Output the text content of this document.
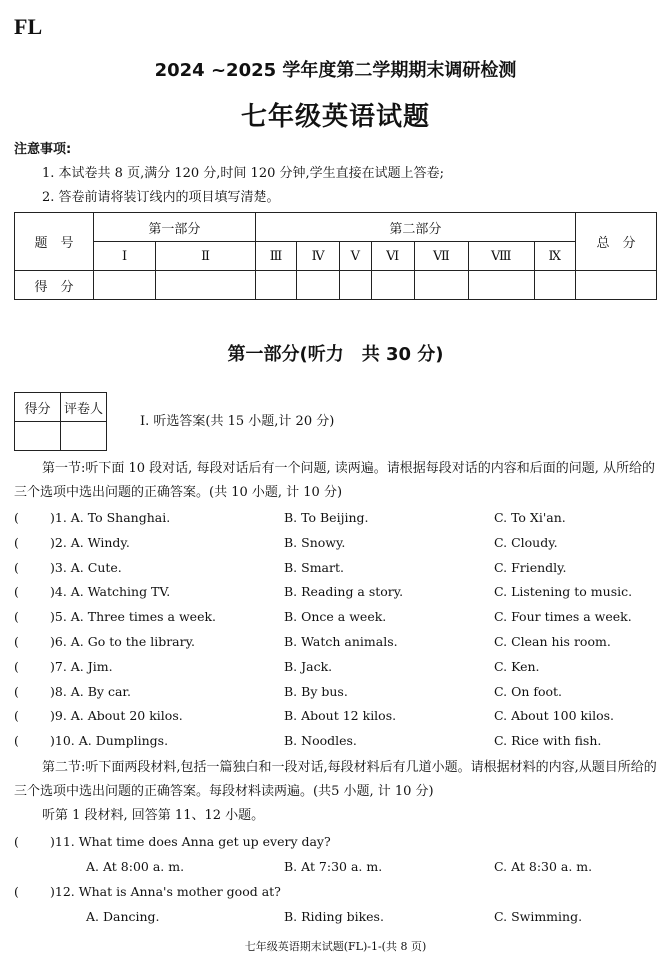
FL
2024 ~2025 学年度第二学期期末调研检测
七年级英语试题
注意事项:
1. 本试卷共 8 页,满分 120 分,时间 120 分钟,学生直接在试题上答卷;
2. 答卷前请将装订线内的项目填写清楚。
题　号	第一部分		第二部分							总　分
	Ⅰ	Ⅱ	Ⅲ	Ⅳ	Ⅴ	Ⅵ	Ⅶ	Ⅷ	Ⅸ	
得　分										
第一部分(听力　共 30 分)
得分	评卷人

Ⅰ. 听选答案(共 15 小题,计 20 分)
第一节:听下面 10 段对话, 每段对话后有一个问题, 读两遍。请根据每段对话的内容和后面的问题, 从所给的三个选项中选出问题的正确答案。(共 10 小题, 计 10 分)
( )1. A. To Shanghai.	B. To Beijing.	C. To Xi'an.
( )2. A. Windy.	B. Snowy.	C. Cloudy.
( )3. A. Cute.	B. Smart.	C. Friendly.
( )4. A. Watching TV.	B. Reading a story.	C. Listening to music.
( )5. A. Three times a week.	B. Once a week.	C. Four times a week.
( )6. A. Go to the library.	B. Watch animals.	C. Clean his room.
( )7. A. Jim.	B. Jack.	C. Ken.
( )8. A. By car.	B. By bus.	C. On foot.
( )9. A. About 20 kilos.	B. About 12 kilos.	C. About 100 kilos.
( )10. A. Dumplings.	B. Noodles.	C. Rice with fish.
第二节:听下面两段材料,包括一篇独白和一段对话,每段材料后有几道小题。请根据材料的内容,从题目所给的三个选项中选出问题的正确答案。每段材料读两遍。(共5 小题, 计 10 分)
听第 1 段材料, 回答第 11、12 小题。
( )11. What time does Anna get up every day?
A. At 8:00 a. m.	B. At 7:30 a. m.	C. At 8:30 a. m.
( )12. What is Anna's mother good at?
A. Dancing.	B. Riding bikes.	C. Swimming.
七年级英语期末试题(FL)-1-(共 8 页)
